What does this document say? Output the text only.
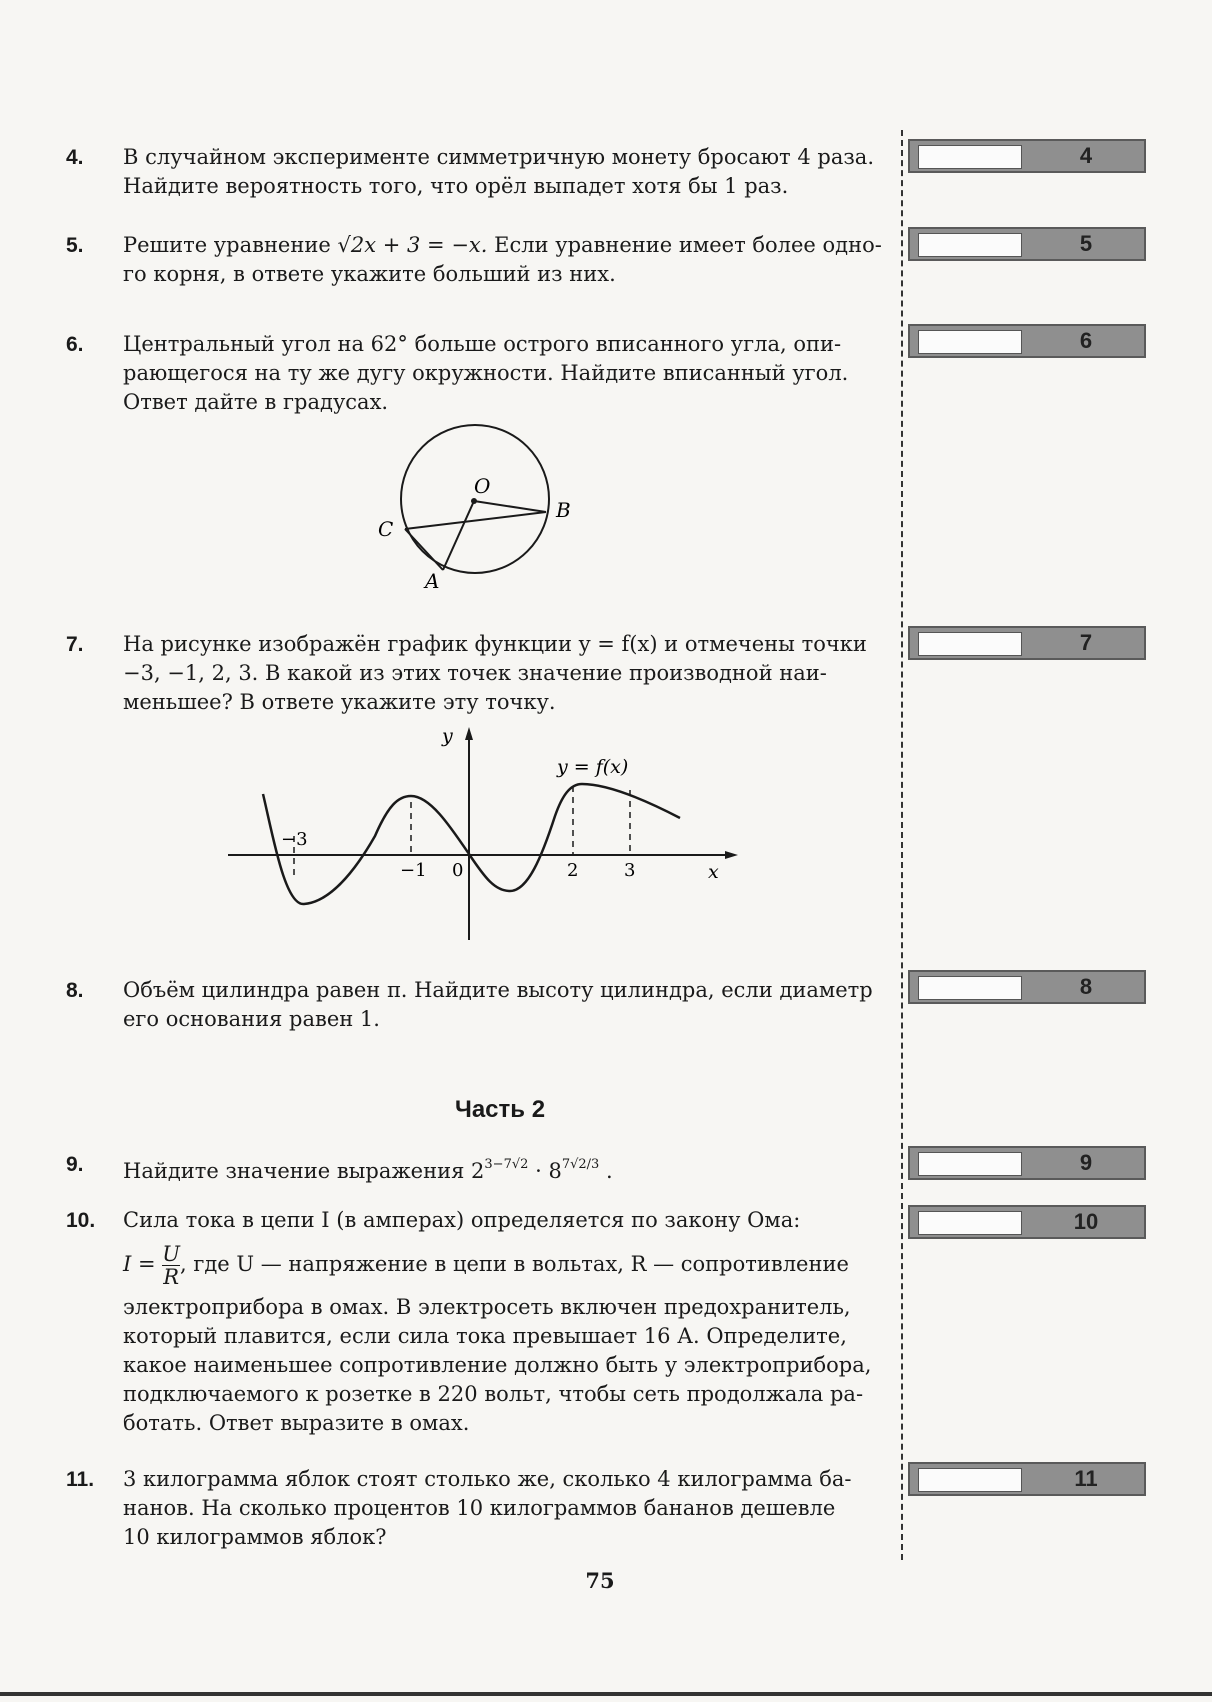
4. В случайном эксперименте симметричную монету бросают 4 раза.
Найдите вероятность того, что орёл выпадет хотя бы 1 раз.
4
5. Решите уравнение √2x + 3 = −x. Если уравнение имеет более одно-
го корня, в ответе укажите больший из них.
5
6. Центральный угол на 62° больше острого вписанного угла, опи-
рающегося на ту же дугу окружности. Найдите вписанный угол.
Ответ дайте в градусах.
6
O
B
C
A
7. На рисунке изображён график функции y = f(x) и отмечены точки
−3, −1, 2, 3. В какой из этих точек значение производной наи-
меньшее? В ответе укажите эту точку.
7
y
x
y = f(x)
0
−3
−1	2	3
8. Объём цилиндра равен π. Найдите высоту цилиндра, если диаметр
его основания равен 1.
8
Часть 2
9. Найдите значение выражения $2^{3-7√2} \cdot 8^{7√2/3}$ .	9
10. Сила тока в цепи I (в амперах) определяется по закону Ома:
$I = \frac{U}{R}$ , где U — напряжение в цепи в вольтах, R — сопротивление
электроприбора в омах. В электросеть включен предохранитель,
который плавится, если сила тока превышает 16 А. Определите,
какое наименьшее сопротивление должно быть у электроприбора,
подключаемого к розетке в 220 вольт, чтобы сеть продолжала ра-
ботать. Ответ выразите в омах.
10
11. 3 килограмма яблок стоят столько же, сколько 4 килограмма ба-
нанов. На сколько процентов 10 килограммов бананов дешевле
10 килограммов яблок?
11
75
